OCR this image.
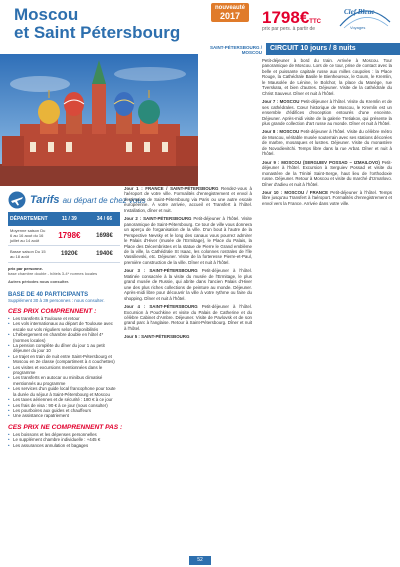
Moscou
et Saint Pétersbourg
nouveauté
2017 1798€TTC
prix par pers. à partir de
Clef Bleue
Voyages
SAINT-PÉTERSBOURG / MOSCOU
CIRCUIT 10 jours / 8 nuits
Tarifs au départ de chez vous
DÉPARTEMENT	11 / 39	34 / 66
Moyenne saison Du 6 au 16 aout du 16 juillet au 14 août	1798€	1698€
Basse saison Du 15 au 18 août	1920€	1940€
prix par personne.
base chambre double - hôtels 3-4* normes locales
Autres périodes nous consulter.
BASE DE 40 PARTICIPANTS
Supplément 30 à 39 personnes : nous consulter.
CES PRIX COMPRENNENT :
• Les transferts à Toulouse et retour
• Les vols internationaux au départ de Toulouse avec escale sur vols réguliers selon disponibilités
• L'hébergement en chambre double en hôtel 4* (normes locales)
• La pension complète du dîner du jour 1 au petit déjeuner du jour 10
• Le trajet en train de nuit entre Saint-Pétersbourg et Moscou en 2e classe (compartiment à 4 couchettes)
• Les visites et excursions mentionnées dans le programme
• Les transferts en autocar ou minibus climatisé mentionnés au programme
• Les services d'un guide local francophone pour toute la durée du séjour à Saint-Pétersbourg et Moscou
• Les taxes aériennes et de sécurité : 180 € à ce jour
• Les frais de visa : 90 € à ce jour (nous consulter)
• Les pourboires aux guides et chauffeurs
• Une assistance rapatriement
CES PRIX NE COMPRENNENT PAS :
• Les boissons et les dépenses personnelles
• Le supplément chambre individuelle : +445 €
• Les assurances annulation et bagages
Jour 1 : FRANCE / SAINT-PÉTERSBOURG Rendez-vous à l'aéroport de votre ville. Formalités d'enregistrement et envol à destination de Saint-Pétersbourg via Paris ou une autre escale européenne. À votre arrivée, accueil et Transfert à l'hôtel. Installation, dîner et nuit.
Jour 2 : SAINT-PÉTERSBOURG Petit-déjeuner à l'hôtel. Visite panoramique de Saint-Pétersbourg. Ce tour de ville vous donnera un aperçu de l'organisation de la ville. D'un bout à l'autre de la Perspective Nevsky et le long des canaux vous pourrez admirer le Palais d'Hiver (musée de l'Ermitage), le Place du Palais, la Place des Décembristes et la statue de Pierre le Grand emblème de la ville, la Cathédrale St Isaac, les colonnes rostrales de l'île Vassilievski, etc. Déjeuner. Visite de la forteresse Pierre-et-Paul, première construction de la ville. Dîner et nuit à l'hôtel.
Jour 3 : SAINT-PÉTERSBOURG Petit-déjeuner à l'hôtel. Matinée consacrée à la visite du musée de l'Ermitage, le plus grand musée de Russie, qui abrite dans l'ancien Palais d'Hiver une des plus riches collections de peinture au monde. Déjeuner. Après-midi libre pour découvrir la ville à votre rythme ou faire du shopping. Dîner et nuit à l'hôtel.
Jour 4 : SAINT-PÉTERSBOURG Petit-déjeuner à l'hôtel. Excursion à Pouchkine et visite du Palais de Catherine et du célèbre Cabinet d'Ambre. Déjeuner. Visite de Pavlovsk et de son grand parc à l'anglaise. Retour à Saint-Pétersbourg. Dîner et nuit à l'hôtel.
Jour 5 : SAINT-PÉTERSBOURG
Petit-déjeuner à bord du train. Arrivée à Moscou. Tour panoramique de Moscou. Lors de ce tour, prise de contact avec la belle et puissante capitale russe aux milles coupoles : la Place Rouge, la Cathédrale Basile le Bienheureux, le Goum, le Kremlin, le Mausolée de Lénine, le Bolchoï, la place du Manège, rue Tverskaïa, et bien d'autres. Déjeuner. Visite de la cathédrale du Christ Sauveur. Dîner et nuit à l'hôtel.
Jour 7 : MOSCOU Petit-déjeuner à l'hôtel. Visite du Kremlin et de ses cathédrales. Cœur historique de Moscou, le Kremlin est un ensemble d'édifices d'exception entourés d'une enceinte. Déjeuner. Après-midi visite de la galerie Tretiakov, qui présente la plus grande collection d'art russe au monde. Dîner et nuit à l'hôtel.
Jour 8 : MOSCOU Petit-déjeuner à l'hôtel. Visite du célèbre métro de Moscou, véritable musée souterrain avec ses stations décorées de marbre, mosaïques et lustres. Déjeuner. Visite du monastère de Novodievitchi. Temps libre dans la rue Arbat. Dîner et nuit à l'hôtel.
Jour 9 : MOSCOU (SERGUIEV POSSAD – IZMAILOVO) Petit-déjeuner à l'hôtel. Excursion à Serguiev Possad et visite du monastère de la Trinité Saint-Serge, haut lieu de l'orthodoxie russe. Déjeuner. Retour à Moscou et visite du marché d'Izmaïlovo. Dîner d'adieu et nuit à l'hôtel.
Jour 10 : MOSCOU / FRANCE Petit-déjeuner à l'hôtel. Temps libre jusqu'au Transfert à l'aéroport. Formalités d'enregistrement et envol vers la France. Arrivée dans votre ville.
52
